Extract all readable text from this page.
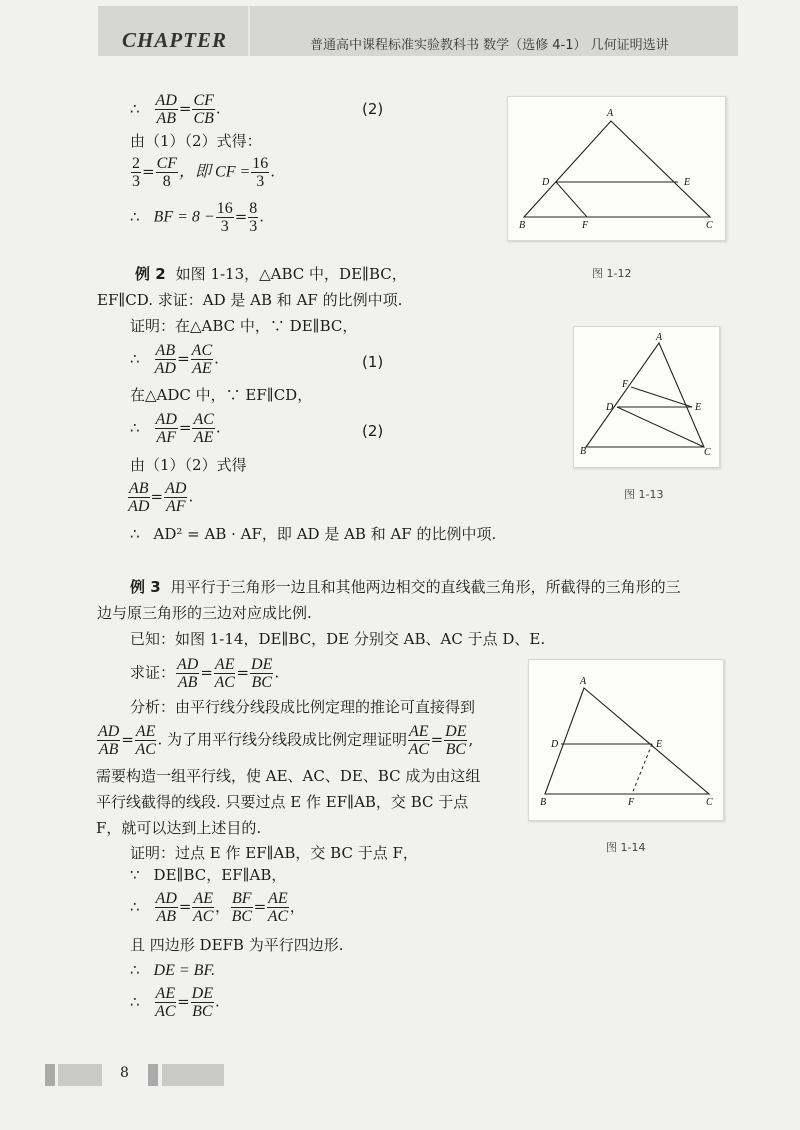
CHAPTER	普通高中课程标准实验教科书 数学（选修 4-1） 几何证明选讲
∴ $\frac{AD}{AB} = \frac{CF}{CB}$ .	(2)
由（1）（2）式得：
$\frac{2}{3} = \frac{CF}{8}$ ，即 CF = $\frac{16}{3}$ .
∴ BF = $8 - \frac{16}{3} = \frac{8}{3}$ .
A
B	C
D	E
F
图 1-12
例 2 如图 1-13，△ABC 中，DE∥BC，
EF∥CD. 求证：AD 是 AB 和 AF 的比例中项.
证明：在△ABC 中，∵ DE∥BC，
∴ $\frac{AB}{AD} = \frac{AC}{AE}$ .	(1)
在△ADC 中，∵ EF∥CD，
∴ $\frac{AD}{AF} = \frac{AC}{AE}$ .	(2)
由（1）（2）式得
$\frac{AB}{AD} = \frac{AD}{AF}$ .
∴ AD² = AB · AF，即 AD 是 AB 和 AF 的比例中项.
A
B	C
D	E
F
图 1-13
例 3 用平行于三角形一边且和其他两边相交的直线截三角形，所截得的三角形的三
边与原三角形的三边对应成比例.
已知：如图 1-14，DE∥BC，DE 分别交 AB、AC 于点 D、E.
求证： $\frac{AD}{AB} = \frac{AE}{AC} = \frac{DE}{BC}$ .
分析：由平行线分线段成比例定理的推论可直接得到
$\frac{AD}{AB} = \frac{AE}{AC}$ . 为了用平行线分线段成比例定理证明 $\frac{AE}{AC} = \frac{DE}{BC}$ ,
需要构造一组平行线，使 AE、AC、DE、BC 成为由这组
平行线截得的线段. 只要过点 E 作 EF∥AB，交 BC 于点
F，就可以达到上述目的.
证明：过点 E 作 EF∥AB，交 BC 于点 F，
∵ DE∥BC，EF∥AB，
∴ $\frac{AD}{AB} = \frac{AE}{AC}$ ， $\frac{BF}{BC} = \frac{AE}{AC}$ ，
且 四边形 DEFB 为平行四边形.
∴ DE = BF.
∴ $\frac{AE}{AC} = \frac{DE}{BC}$ .
A
B	C
D	E
F
图 1-14
8
